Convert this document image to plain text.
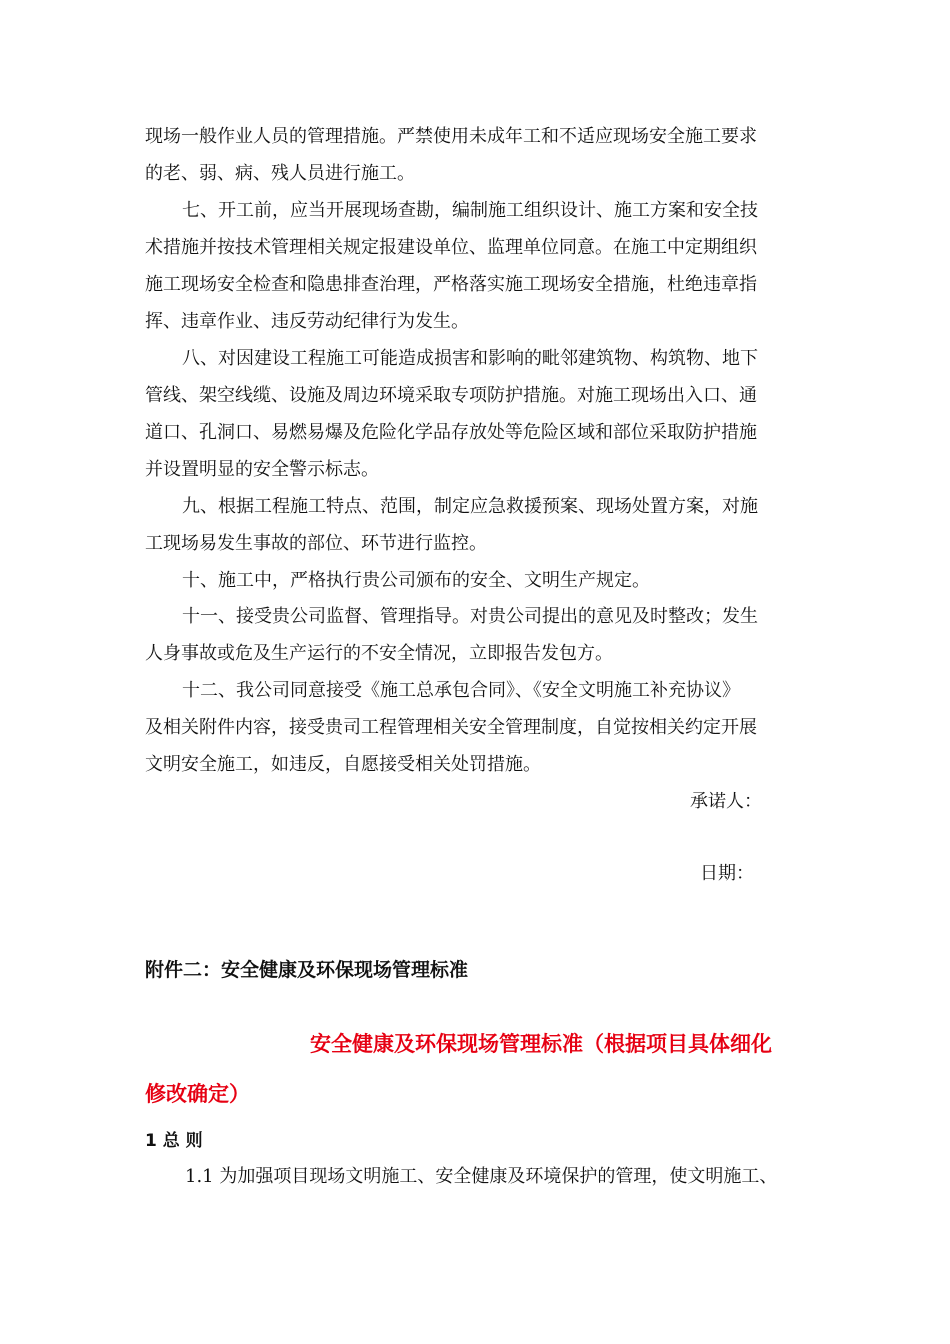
现场一般作业人员的管理措施。严禁使用未成年工和不适应现场安全施工要求
的老、弱、病、残人员进行施工。
七、开工前，应当开展现场查勘，编制施工组织设计、施工方案和安全技
术措施并按技术管理相关规定报建设单位、监理单位同意。在施工中定期组织
施工现场安全检查和隐患排查治理，严格落实施工现场安全措施，杜绝违章指
挥、违章作业、违反劳动纪律行为发生。
八、对因建设工程施工可能造成损害和影响的毗邻建筑物、构筑物、地下
管线、架空线缆、设施及周边环境采取专项防护措施。对施工现场出入口、通
道口、孔洞口、易燃易爆及危险化学品存放处等危险区域和部位采取防护措施
并设置明显的安全警示标志。
九、根据工程施工特点、范围，制定应急救援预案、现场处置方案，对施
工现场易发生事故的部位、环节进行监控。
十、施工中，严格执行贵公司颁布的安全、文明生产规定。
十一、接受贵公司监督、管理指导。对贵公司提出的意见及时整改；发生
人身事故或危及生产运行的不安全情况，立即报告发包方。
十二、我公司同意接受《施工总承包合同》、《安全文明施工补充协议》
及相关附件内容，接受贵司工程管理相关安全管理制度，自觉按相关约定开展
文明安全施工，如违反，自愿接受相关处罚措施。
承诺人：
日期：
附件二：安全健康及环保现场管理标准
安全健康及环保现场管理标准（根据项目具体细化
修改确定）
1 总 则
1.1 为加强项目现场文明施工、安全健康及环境保护的管理，使文明施工、
